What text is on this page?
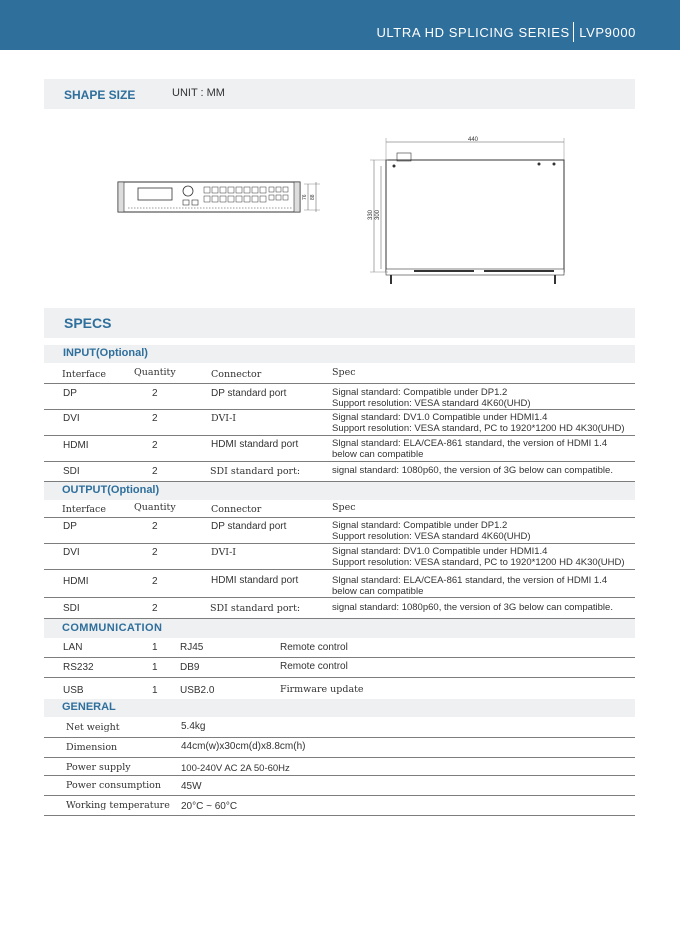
ULTRA HD SPLICING SERIES LVP9000
SHAPE SIZE	UNIT : MM
76 88
440
330 300
SPECS
INPUT(Optional)
Interface	Quantity	Connector	Spec
DP	2	DP standard port	Signal standard: Compatible under DP1.2
Support resolution: VESA standard 4K60(UHD)
DVI	2	DVI-I	Signal standard: DV1.0 Compatible under HDMI1.4
Support resolution: VESA standard, PC to 1920*1200 HD 4K30(UHD)
HDMI	2	HDMI standard port	Slgnal standard: ELA/CEA-861 standard, the version of HDMI 1.4
below can compatible
SDI	2	SDI standard port:	signal standard: 1080p60, the version of 3G below can compatible.
OUTPUT(Optional)
Interface	Quantity	Connector	Spec
DP	2	DP standard port	Signal standard: Compatible under DP1.2
Support resolution: VESA standard 4K60(UHD)
DVI	2	DVI-I	Signal standard: DV1.0 Compatible under HDMI1.4
Support resolution: VESA standard, PC to 1920*1200 HD 4K30(UHD)
HDMI	2	HDMI standard port	Slgnal standard: ELA/CEA-861 standard, the version of HDMI 1.4
below can compatible
SDI	2	SDI standard port:	signal standard: 1080p60, the version of 3G below can compatible.
COMMUNICATION
LAN	1 RJ45	Remote control
RS232	1 DB9	Remote control
USB	1 USB2.0	Firmware update
GENERAL
Net weight	5.4kg
Dimension	44cm(w)x30cm(d)x8.8cm(h)
Power supply	100-240V AC 2A 50-60Hz
Power consumption 45W
Working temperature 20°C ~ 60°C
